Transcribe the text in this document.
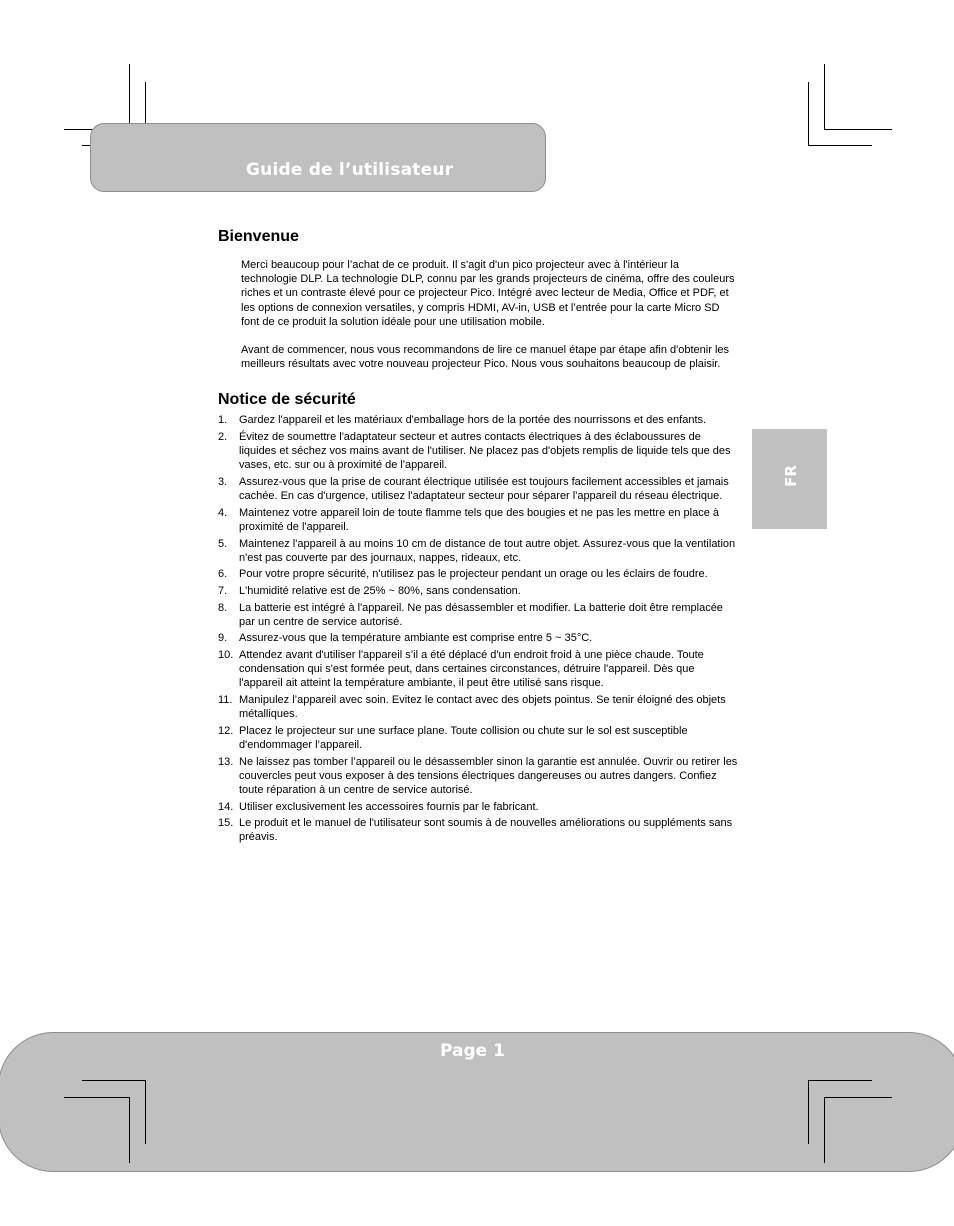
Guide de l’utilisateur
FR
Bienvenue

Merci beaucoup pour l’achat de ce produit. Il s'agit d'un pico projecteur avec à l'intérieur la technologie DLP. La technologie DLP, connu par les grands projecteurs de cinéma, offre des couleurs riches et un contraste élevé pour ce projecteur Pico. Intégré avec lecteur de Media, Office et PDF, et les options de connexion versatiles, y compris HDMI, AV-in, USB et l’entrée pour la carte Micro SD font de ce produit la solution idéale pour une utilisation mobile.

Avant de commencer, nous vous recommandons de lire ce manuel étape par étape afin d'obtenir les meilleurs résultats avec votre nouveau projecteur Pico. Nous vous souhaitons beaucoup de plaisir.

Notice de sécurité
1. Gardez l'appareil et les matériaux d'emballage hors de la portée des nourrissons et des enfants.
2. Évitez de soumettre l'adaptateur secteur et autres contacts électriques à des éclaboussures de liquides et séchez vos mains avant de l'utiliser. Ne placez pas d'objets remplis de liquide tels que des vases, etc. sur ou à proximité de l'appareil.
3. Assurez-vous que la prise de courant électrique utilisée est toujours facilement accessibles et jamais cachée. En cas d'urgence, utilisez l'adaptateur secteur pour séparer l'appareil du réseau électrique.
4. Maintenez votre appareil loin de toute flamme tels que des bougies et ne pas les mettre en place à proximité de l'appareil.
5. Maintenez l'appareil à au moins 10 cm de distance de tout autre objet. Assurez-vous que la ventilation n'est pas couverte par des journaux, nappes, rideaux, etc.
6. Pour votre propre sécurité, n'utilisez pas le projecteur pendant un orage ou les éclairs de foudre.
7. L'humidité relative est de 25% ~ 80%, sans condensation.
8. La batterie est intégré à l'appareil. Ne pas désassembler et modifier. La batterie doit être remplacée par un centre de service autorisé.
9. Assurez-vous que la température ambiante est comprise entre 5 ~ 35°C.
10. Attendez avant d'utiliser l'appareil s’il a été déplacé d'un endroit froid à une pièce chaude. Toute condensation qui s'est formée peut, dans certaines circonstances, détruire l'appareil. Dès que l'appareil ait atteint la température ambiante, il peut être utilisé sans risque.
11. Manipulez l’appareil avec soin. Evitez le contact avec des objets pointus. Se tenir éloigné des objets métalliques.
12. Placez le projecteur sur une surface plane. Toute collision ou chute sur le sol est susceptible d'endommager l’appareil.
13. Ne laissez pas tomber l’appareil ou le désassembler sinon la garantie est annulée. Ouvrir ou retirer les couvercles peut vous exposer à des tensions électriques dangereuses ou autres dangers. Confiez toute réparation à un centre de service autorisé.
14. Utiliser exclusivement les accessoires fournis par le fabricant.
15. Le produit et le manuel de l'utilisateur sont soumis à de nouvelles améliorations ou suppléments sans préavis.
Page 1
